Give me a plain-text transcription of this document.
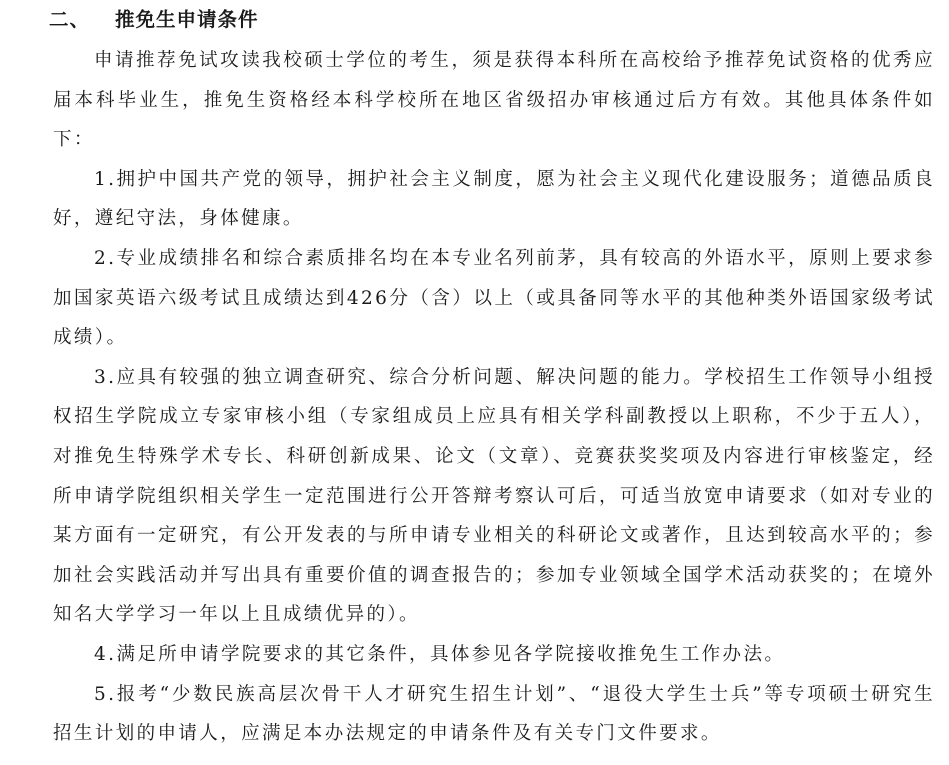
二、 推免生申请条件

申请推荐免试攻读我校硕士学位的考生，须是获得本科所在高校给予推荐免试资格的优秀应届本科毕业生，推免生资格经本科学校所在地区省级招办审核通过后方有效。其他具体条件如下：

1.拥护中国共产党的领导，拥护社会主义制度，愿为社会主义现代化建设服务；道德品质良好，遵纪守法，身体健康。

2.专业成绩排名和综合素质排名均在本专业名列前茅，具有较高的外语水平，原则上要求参加国家英语六级考试且成绩达到426分（含）以上（或具备同等水平的其他种类外语国家级考试成绩）。

3.应具有较强的独立调查研究、综合分析问题、解决问题的能力。学校招生工作领导小组授权招生学院成立专家审核小组（专家组成员上应具有相关学科副教授以上职称，不少于五人），对推免生特殊学术专长、科研创新成果、论文（文章）、竞赛获奖奖项及内容进行审核鉴定，经所申请学院组织相关学生一定范围进行公开答辩考察认可后，可适当放宽申请要求（如对专业的某方面有一定研究，有公开发表的与所申请专业相关的科研论文或著作，且达到较高水平的；参加社会实践活动并写出具有重要价值的调查报告的；参加专业领域全国学术活动获奖的；在境外知名大学学习一年以上且成绩优异的）。

4.满足所申请学院要求的其它条件，具体参见各学院接收推免生工作办法。

5.报考“少数民族高层次骨干人才研究生招生计划”、“退役大学生士兵”等专项硕士研究生招生计划的申请人，应满足本办法规定的申请条件及有关专门文件要求。
